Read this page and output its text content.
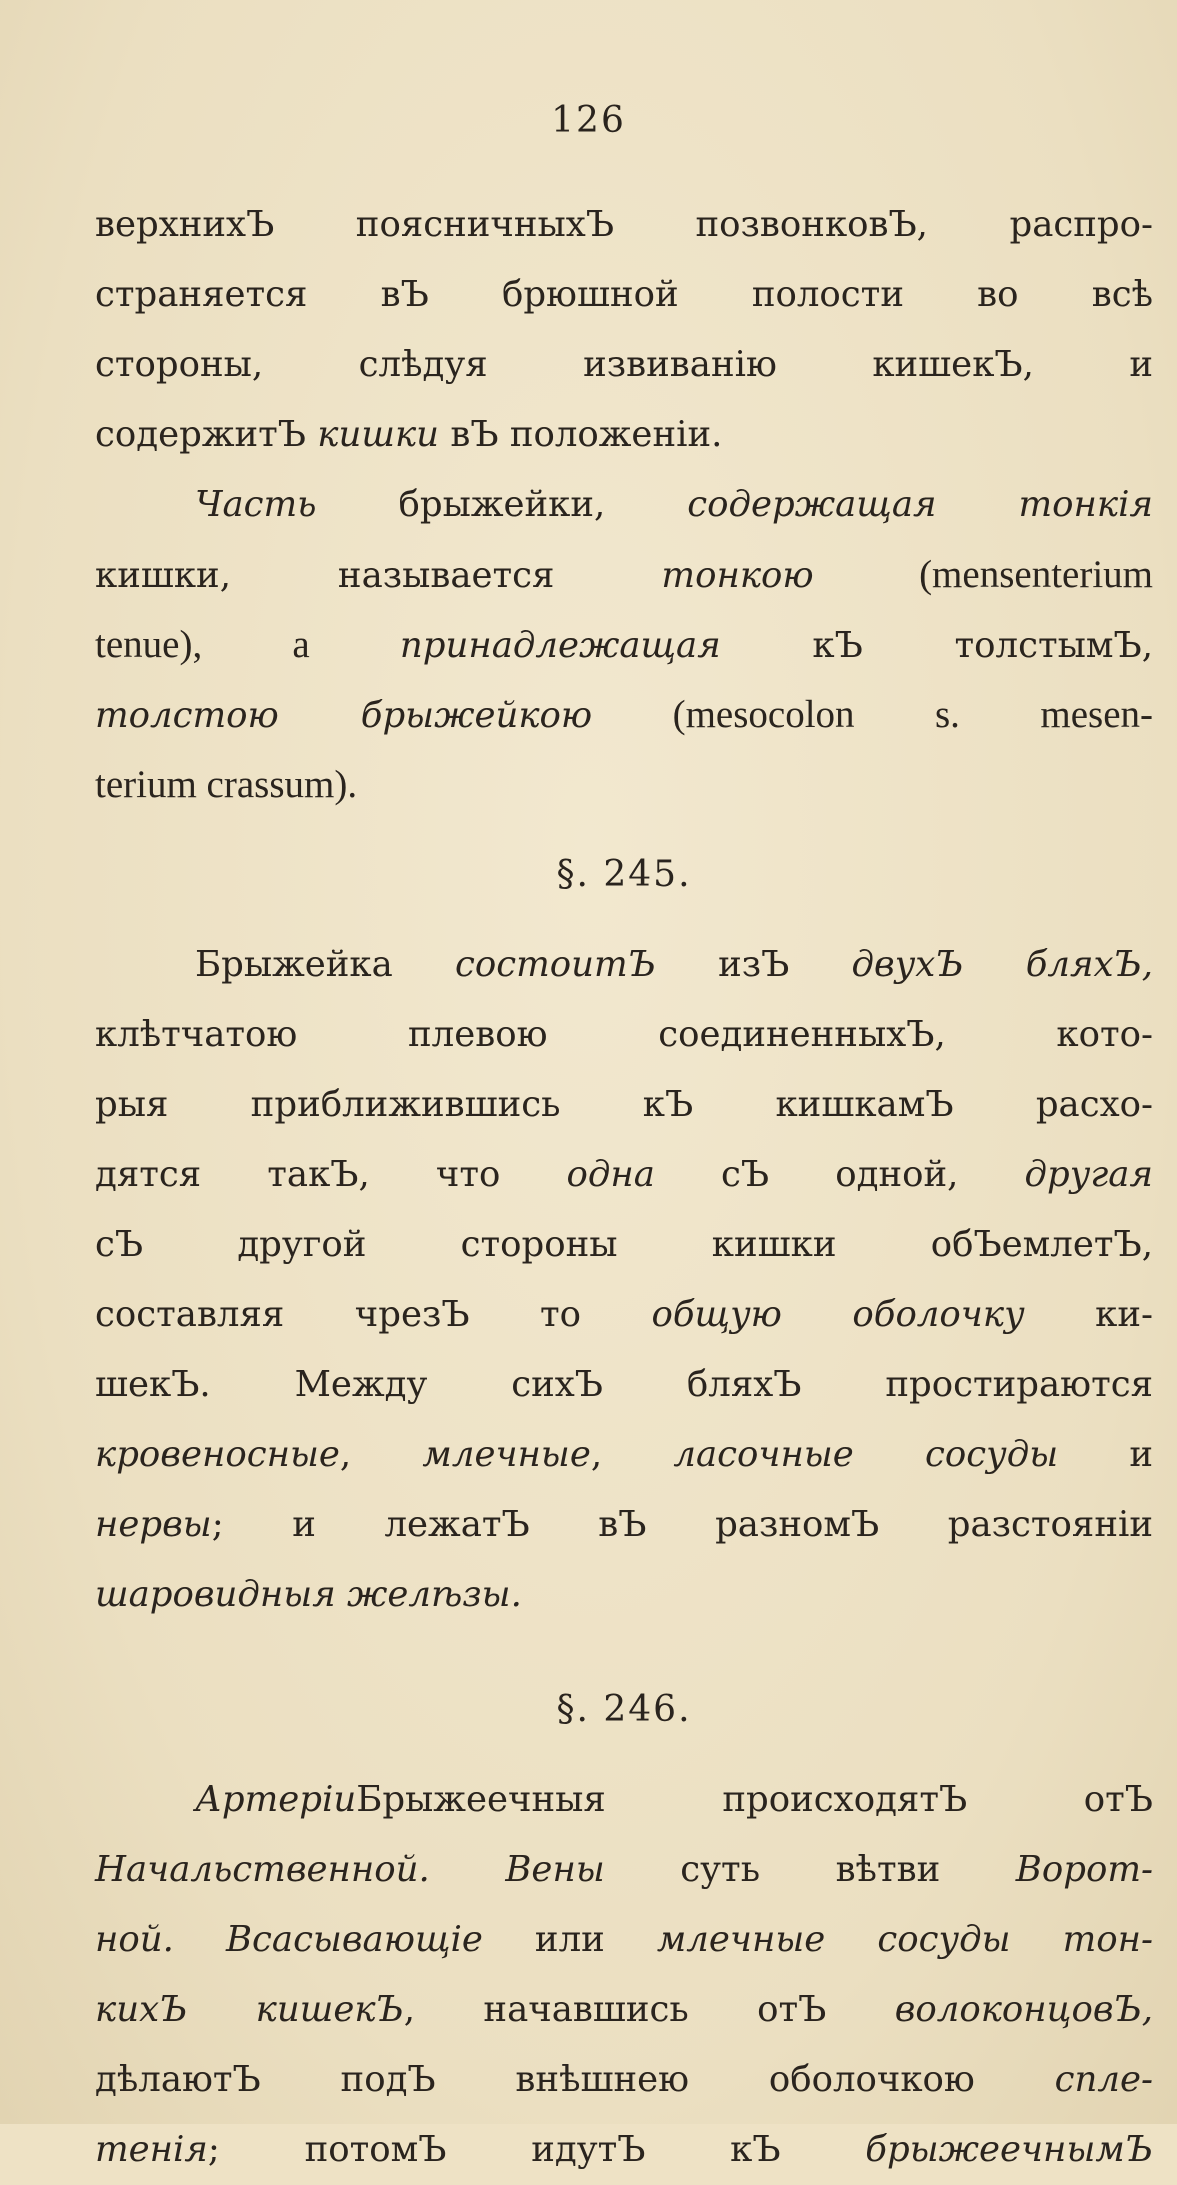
126
верхнихЪ поясничныхЪ позвонковЪ, распро-
страняется вЪ брюшной полости во всѣ
стороны, слѣдуя извиванію кишекЪ, и
содержитЪ кишки вЪ положеніи.
Часть брыжейки, содержащая тонкія
кишки, называется тонкою (mensenterium
tenue), а принадлежащая кЪ толстымЪ,
толстою брыжейкою (mesocolon s. mesen-
terium crassum).
§. 245.
Брыжейка состоитЪ изЪ двухЪ бляхЪ,
клѣтчатою плевою соединенныхЪ, кото-
рыя приближившись кЪ кишкамЪ расхо-
дятся такЪ, что одна сЪ одной, другая
сЪ другой стороны кишки обЪемлетЪ,
составляя чрезЪ то общую оболочку ки-
шекЪ. Между сихЪ бляхЪ простираются
кровеносные, млечные, ласочные сосуды и
нервы; и лежатЪ вЪ разномЪ разстояніи
шаровидныя желѣзы.
§. 246.
АртеріиБрыжеечныя происходятЪ отЪ
Начальственной. Вены суть вѣтви Ворот-
ной. Всасывающіе или млечные сосуды тон-
кихЪ кишекЪ, начавшись отЪ волоконцовЪ,
дѣлаютЪ подЪ внѣшнею оболочкою спле-
тенія; потомЪ идутЪ кЪ брыжеечнымЪ
